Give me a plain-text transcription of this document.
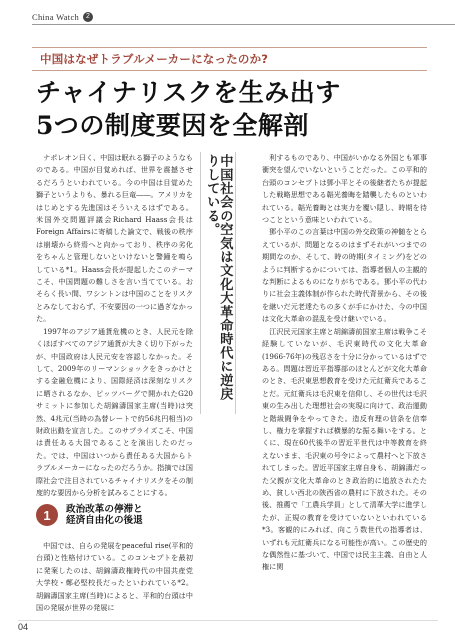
China Watch 2
中国はなぜトラブルメーカーになったのか?
チャイナリスクを生み出す
5つの制度要因を全解剖

ナポレオン曰く、中国は眠れる獅子のようなものである。中国が目覚めれば、世界を震撼させるだろうといわれている。今の中国は目覚めた獅子というよりも、暴れる巨竜――。アメリカをはじめとする先進国はそういえるはずである。米国外交問題評議会Richard Haass会長はForeign Affairsに寄稿した論文で、戦後の秩序は崩壊から終焉へと向かっており、秩序の劣化をちゃんと管理しないといけないと警鐘を鳴らしている*1。Haass会長が提起したこのテーマこそ、中国問題の難しさを言い当てている。おそらく長い間、ワシントンは中国のことをリスクとみなしておらず、不安要因の一つに過ぎなかった。

1997年のアジア通貨危機のとき、人民元を除くほぼすべてのアジア通貨が大きく切り下がったが、中国政府は人民元安を容認しなかった。そして、2009年のリーマンショックをきっかけとする金融危機により、国際経済は深刻なリスクに晒されるなか、ピッツバーグで開かれたG20サミットに参加した胡錦濤国家主席(当時)は突然、4兆元(当時の為替レートで約56兆円相当)の財政出動を宣言した。このサプライズこそ、中国は責任ある大国であることを演出したのだった。では、中国はいつから責任ある大国からトラブルメーカーになったのだろうか。指摘では国際社会で注目されているチャイナリスクをその制度的な要因から分析を試みることにする。

中国社会の空気は文化大革命時代に逆戻りしている。	利するものであり、中国がいかなる外国とも軍事衝突を望んでいないということだった。この平和的台頭のコンセプトは鄧小平とその後継者たちが提起した戦略思想である韜光養晦を踏襲したものといわれている。韜光養晦とは実力を覆い隠し、時期を待つことという意味といわれている。

鄧小平のこの言葉は中国の外交政策の神髄をとらえているが、問題となるのはまずそれがいつまでの期間なのか、そして、時の時期(タイミング)をどのように判断するかについては、指導者個人の主観的な判断によるものになりがちである。鄧小平の代わりに社会主義体制が作られた時代背景から、その後を継いだ元老達たちの多くが手にかけた、今の中国は文化大革命の混乱を受け継いでいる。

江沢民元国家主席と胡錦濤前国家主席は戦争こそ経験していないが、毛沢東時代の文化大革命(1966-76年)の残忍さを十分に分かっているはずである。問題は習近平指導部のほとんどが文化大革命のとき、毛沢東思想教育を受けた元紅衛兵であることだ。元紅衛兵は毛沢東を信仰し、その世代は毛沢東の生み出した理想社会の実現に向けて、政治運動と階級闘争をやってきた。造反有理の信条を信奉し、権力を掌握すれば横暴的な振る舞いをする。とくに、現在60代後半の習近平世代は中等教育を終えないまま、毛沢東の号令によって農村へと下放されてしまった。習近平国家主席自身も、胡錦濤だった父親が文化大革命のとき政治的に追放されたため、貧しい西北の陝西省の農村に下放された。その後、推薦で「工農兵学員」として清華大学に進学したが、正規の教育を受けていないといわれている*3。客観的にみれば、向こう数世代の指導者は、いずれも元紅衛兵になる可能性が高い。この歴史的な偶然性に基づいて、中国では民主主義、自由と人権に関

1	政治改革の停滞と
経済自由化の後退

中国では、自らの発展をpeaceful rise(平和的台頭)と性格付けている。このコンセプトを最初に発案したのは、胡錦濤政権時代の中国共産党大学校・鄭必堅校長だったといわれている*2。胡錦濤国家主席(当時)によると、平和的台頭は中国の発展が世界の発展に

04
